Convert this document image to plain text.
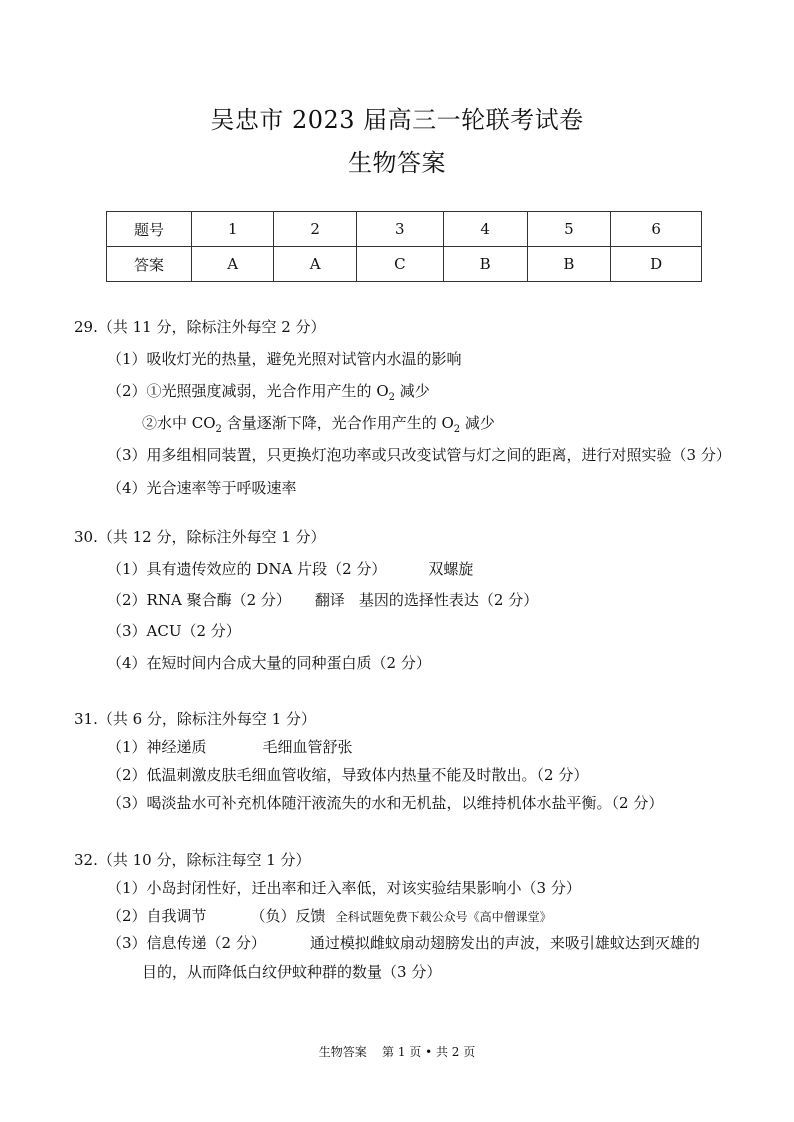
吴忠市 2023 届高三一轮联考试卷
生物答案
题号	1	2	3	4	5	6
答案	A	A	C	B	B	D
29.（共 11 分，除标注外每空 2 分）
（1）吸收灯光的热量，避免光照对试管内水温的影响
（2）①光照强度减弱，光合作用产生的 $O_2$ 减少
②水中 $CO_2$ 含量逐渐下降，光合作用产生的 $O_2$ 减少
（3）用多组相同装置，只更换灯泡功率或只改变试管与灯之间的距离，进行对照实验（3 分）
（4）光合速率等于呼吸速率
30.（共 12 分，除标注外每空 1 分）
（1）具有遗传效应的 DNA 片段（2 分）	双螺旋
（2）RNA 聚合酶（2 分） 翻译 基因的选择性表达（2 分）
（3）ACU（2 分）
（4）在短时间内合成大量的同种蛋白质（2 分）
31.（共 6 分，除标注外每空 1 分）
（1）神经递质	毛细血管舒张
（2）低温刺激皮肤毛细血管收缩，导致体内热量不能及时散出。（2 分）
（3）喝淡盐水可补充机体随汗液流失的水和无机盐，以维持机体水盐平衡。（2 分）
32.（共 10 分，除标注每空 1 分）
（1）小岛封闭性好，迁出率和迁入率低，对该实验结果影响小（3 分）
（2）自我调节	（负）反馈 全科试题免费下载公众号《高中僧课堂》
（3）信息传递（2 分）	通过模拟雌蚊扇动翅膀发出的声波，来吸引雄蚊达到灭雄的
目的，从而降低白纹伊蚊种群的数量（3 分）
生物答案    第 1 页 • 共 2 页
